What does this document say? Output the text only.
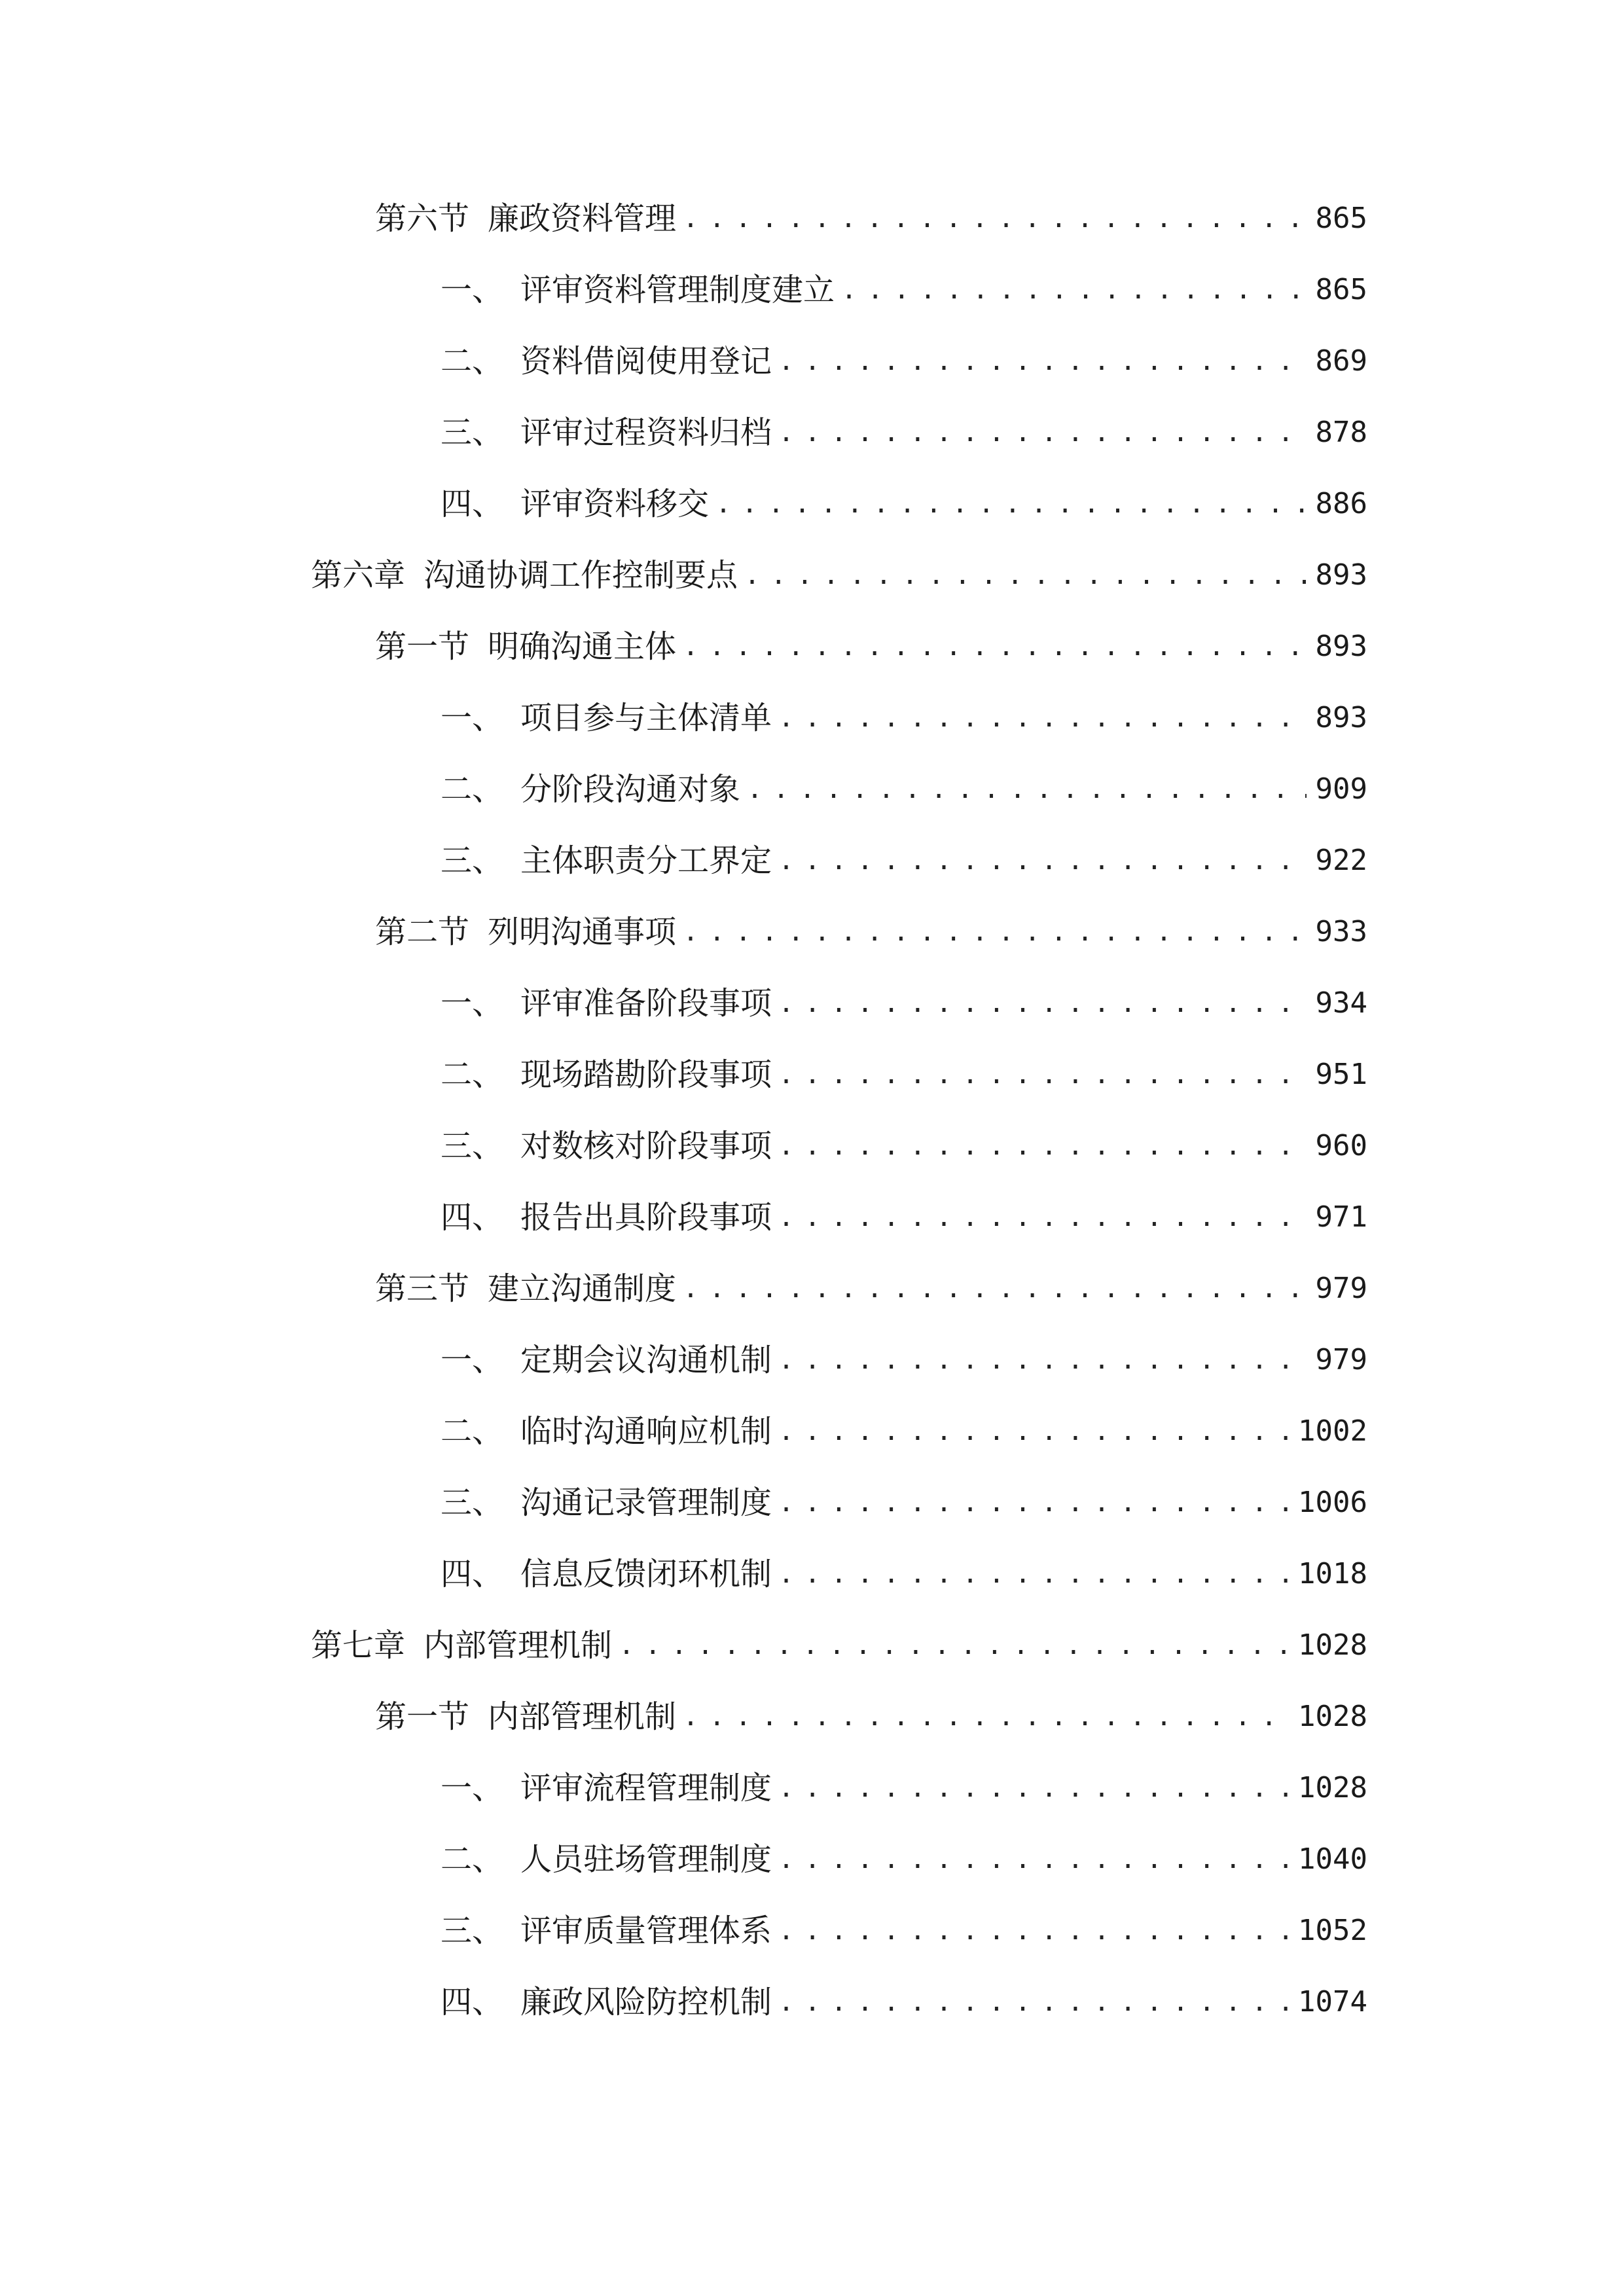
第六节 廉政资料管理 . . .	865
一、 评审资料管理制度建立 . . .	865
二、 资料借阅使用登记 . . .	869
三、 评审过程资料归档 . . .	878
四、 评审资料移交 . . .	886
第六章 沟通协调工作控制要点 . . .	893
第一节 明确沟通主体 . . .	893
一、 项目参与主体清单 . . .	893
二、 分阶段沟通对象 . . .	909
三、 主体职责分工界定 . . .	922
第二节 列明沟通事项 . . .	933
一、 评审准备阶段事项 . . .	934
二、 现场踏勘阶段事项 . . .	951
三、 对数核对阶段事项 . . .	960
四、 报告出具阶段事项 . . .	971
第三节 建立沟通制度 . . .	979
一、 定期会议沟通机制 . . .	979
二、 临时沟通响应机制 . . .	1002
三、 沟通记录管理制度 . . .	1006
四、 信息反馈闭环机制 . . .	1018
第七章 内部管理机制 . . .	1028
第一节 内部管理机制 . . .	1028
一、 评审流程管理制度 . . .	1028
二、 人员驻场管理制度 . . .	1040
三、 评审质量管理体系 . . .	1052
四、 廉政风险防控机制 . . .	1074
